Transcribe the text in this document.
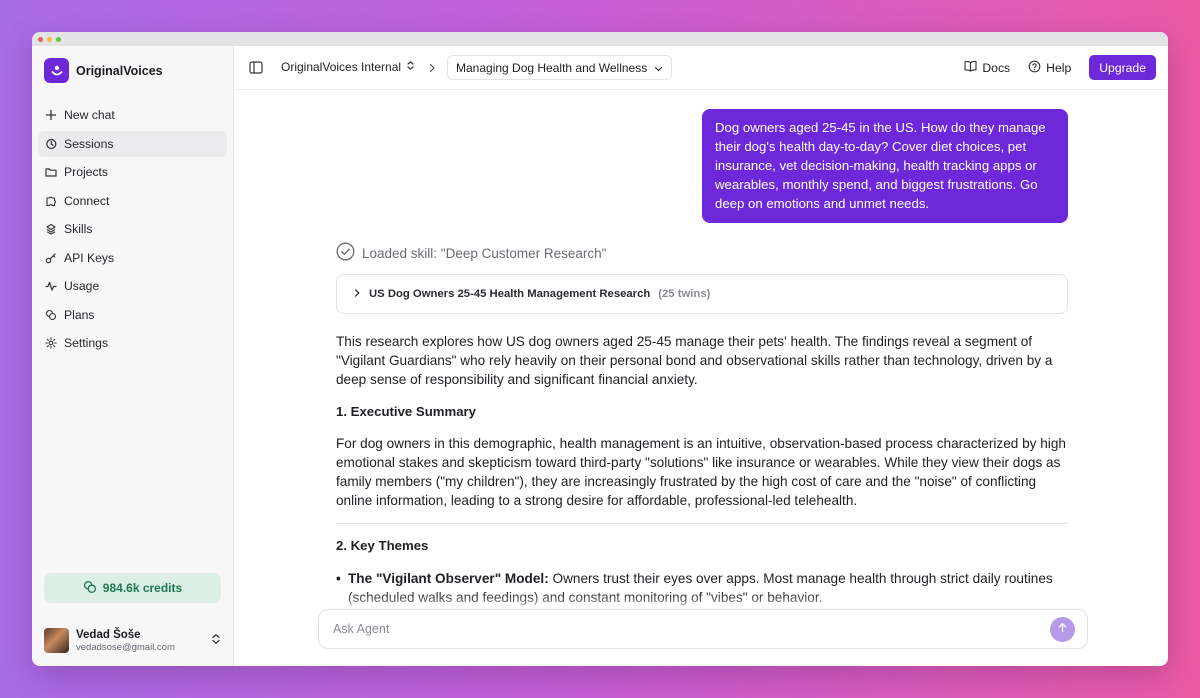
OriginalVoices
New chat
Sessions
Projects
Connect
Skills
API Keys
Usage
Plans
Settings
984.6k credits
Vedad Šoše
vedadsose@gmail.com
OriginalVoices Internal	Managing Dog Health and Wellness	Docs	Help	Upgrade
Dog owners aged 25-45 in the US. How do they manage their dog's health day-to-day? Cover diet choices, pet insurance, vet decision-making, health tracking apps or wearables, monthly spend, and biggest frustrations. Go deep on emotions and unmet needs.
Loaded skill: "Deep Customer Research"
US Dog Owners 25-45 Health Management Research (25 twins)
This research explores how US dog owners aged 25-45 manage their pets' health. The findings reveal a segment of "Vigilant Guardians" who rely heavily on their personal bond and observational skills rather than technology, driven by a deep sense of responsibility and significant financial anxiety.
1. Executive Summary
For dog owners in this demographic, health management is an intuitive, observation-based process characterized by high emotional stakes and skepticism toward third-party "solutions" like insurance or wearables. While they view their dogs as family members ("my children"), they are increasingly frustrated by the high cost of care and the "noise" of conflicting online information, leading to a strong desire for affordable, professional-led telehealth.
2. Key Themes
• The "Vigilant Observer" Model: Owners trust their eyes over apps. Most manage health through strict daily routines (scheduled walks and feedings) and constant monitoring of "vibes" or behavior.
Ask Agent
